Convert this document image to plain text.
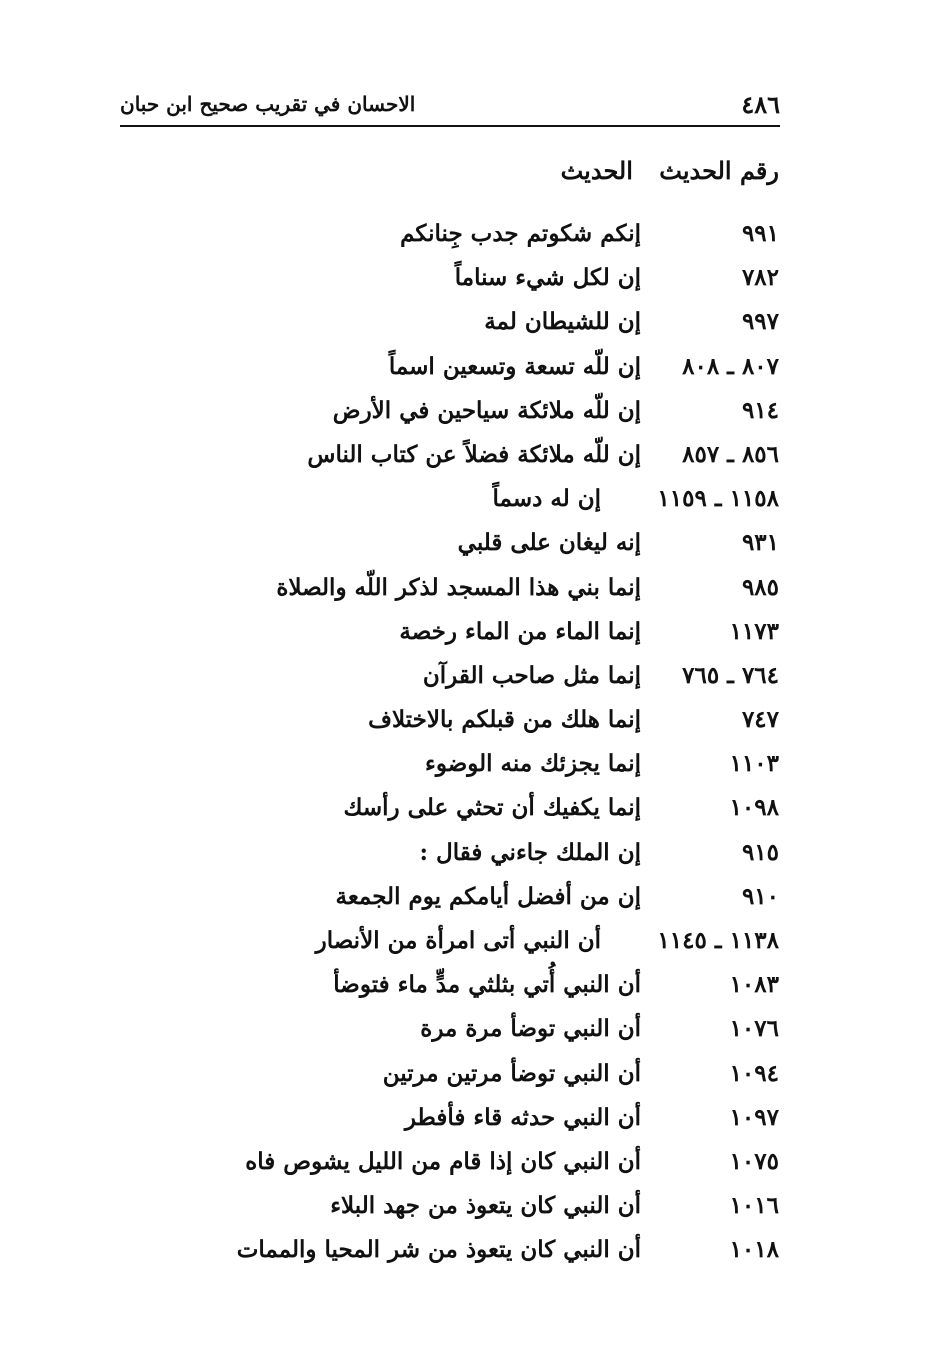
٤٨٦
الاحسان في تقريب صحيح ابن حبان
رقم الحديث الحديث
٩٩١
إنكم شكوتم جدب جِنانكم
٧٨٢
إن لكل شيء سناماً
٩٩٧
إن للشيطان لمة
٨٠٧ ـ ٨٠٨
إن للّه تسعة وتسعين اسماً
٩١٤
إن للّه ملائكة سياحين في الأرض
٨٥٦ ـ ٨٥٧
إن للّه ملائكة فضلاً عن كتاب الناس
١١٥٨ ـ ١١٥٩
إن له دسماً
٩٣١
إنه ليغان على قلبي
٩٨٥
إنما بني هذا المسجد لذكر اللّه والصلاة
١١٧٣
إنما الماء من الماء رخصة
٧٦٤ ـ ٧٦٥
إنما مثل صاحب القرآن
٧٤٧
إنما هلك من قبلكم بالاختلاف
١١٠٣
إنما يجزئك منه الوضوء
١٠٩٨
إنما يكفيك أن تحثي على رأسك
٩١٥
إن الملك جاءني فقال :
٩١٠
إن من أفضل أيامكم يوم الجمعة
١١٣٨ ـ ١١٤٥
أن النبي أتى امرأة من الأنصار
١٠٨٣
أن النبي أُتي بثلثي مدٍّ ماء فتوضأ
١٠٧٦
أن النبي توضأ مرة مرة
١٠٩٤
أن النبي توضأ مرتين مرتين
١٠٩٧
أن النبي حدثه قاء فأفطر
١٠٧٥
أن النبي كان إذا قام من الليل يشوص فاه
١٠١٦
أن النبي كان يتعوذ من جهد البلاء
١٠١٨
أن النبي كان يتعوذ من شر المحيا والممات
